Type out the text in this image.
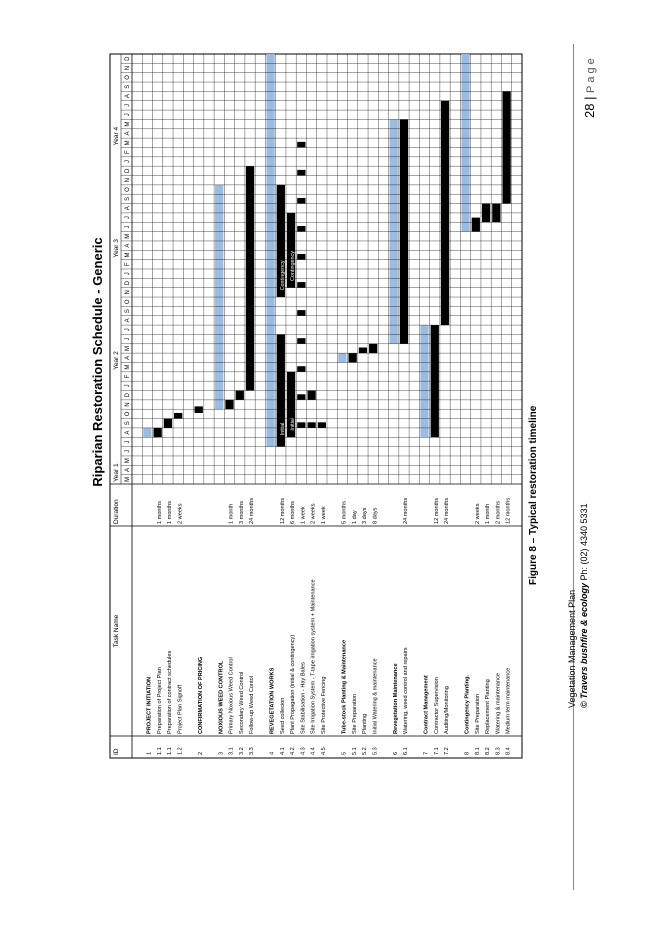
Riparian Restoration Schedule - Generic
ID
Task Name
Duration
Initial
Contingency
Initial
Contingency
Year 1
Year 2
Year 3
Year 4
M
A
M
J
J
A
S
O
N
D
J
F
M
A
M
J
J
A
S
O
N
D
J
F
M
A
M
J
J
A
S
O
N
D
J
F
M
A
M
J
J
A
S
O
N
D
1
PROJECT INITIATION
1.1
Preparation of Project Plan
1 months
1.1
Preparation of contract schedules
1 months
1.2
Project Plan Signoff
2 weeks
2
CONFIRMATION OF PRICING
3
NOXIOUS WEED CONTROL
3.1
Primary Noxious Weed Control
1 month
3.2
Secondary Weed Control
3 months
3.3
Follow-up Weed Contol
24 months
4
REVEGETATION WORKS
4.1
Seed collecion
12 months
4.2
Plant Propagation (initial & contingency)
6 months
4.3
Site Stabilisation - Hay Bales
1 week
4.4
Site Irrigation System - T-tape irrigation system + Maintenance
2 weeks
4.5
Site Protective Fencing
1 week
5
Tube-stock Planting & Maintenance
5 months
5.1
Site Preparation
1 day
5.2
Planting
3 days
5.3
Initial Watering & maintenance
8 days
6
Revegetation Maintenance
6.1
Watering, weed control and repairs
24 months
7
Contract Management
7.1
Contractor Supervision
12 months
7.2
Auditing/Monitoring
24 months
8
Contingency Planting.
8.1
Site Preparation
2 weeks
8.2
Replacement Planting
1 month
8.3
Watering & maintenance
2 months
8.4
Medium term maintenance
12 months Figure 8 – Typical restoration timeline
Vegetation Management Plan © Travers bushfire & ecology Ph: (02) 4340 5331
28 | Page
